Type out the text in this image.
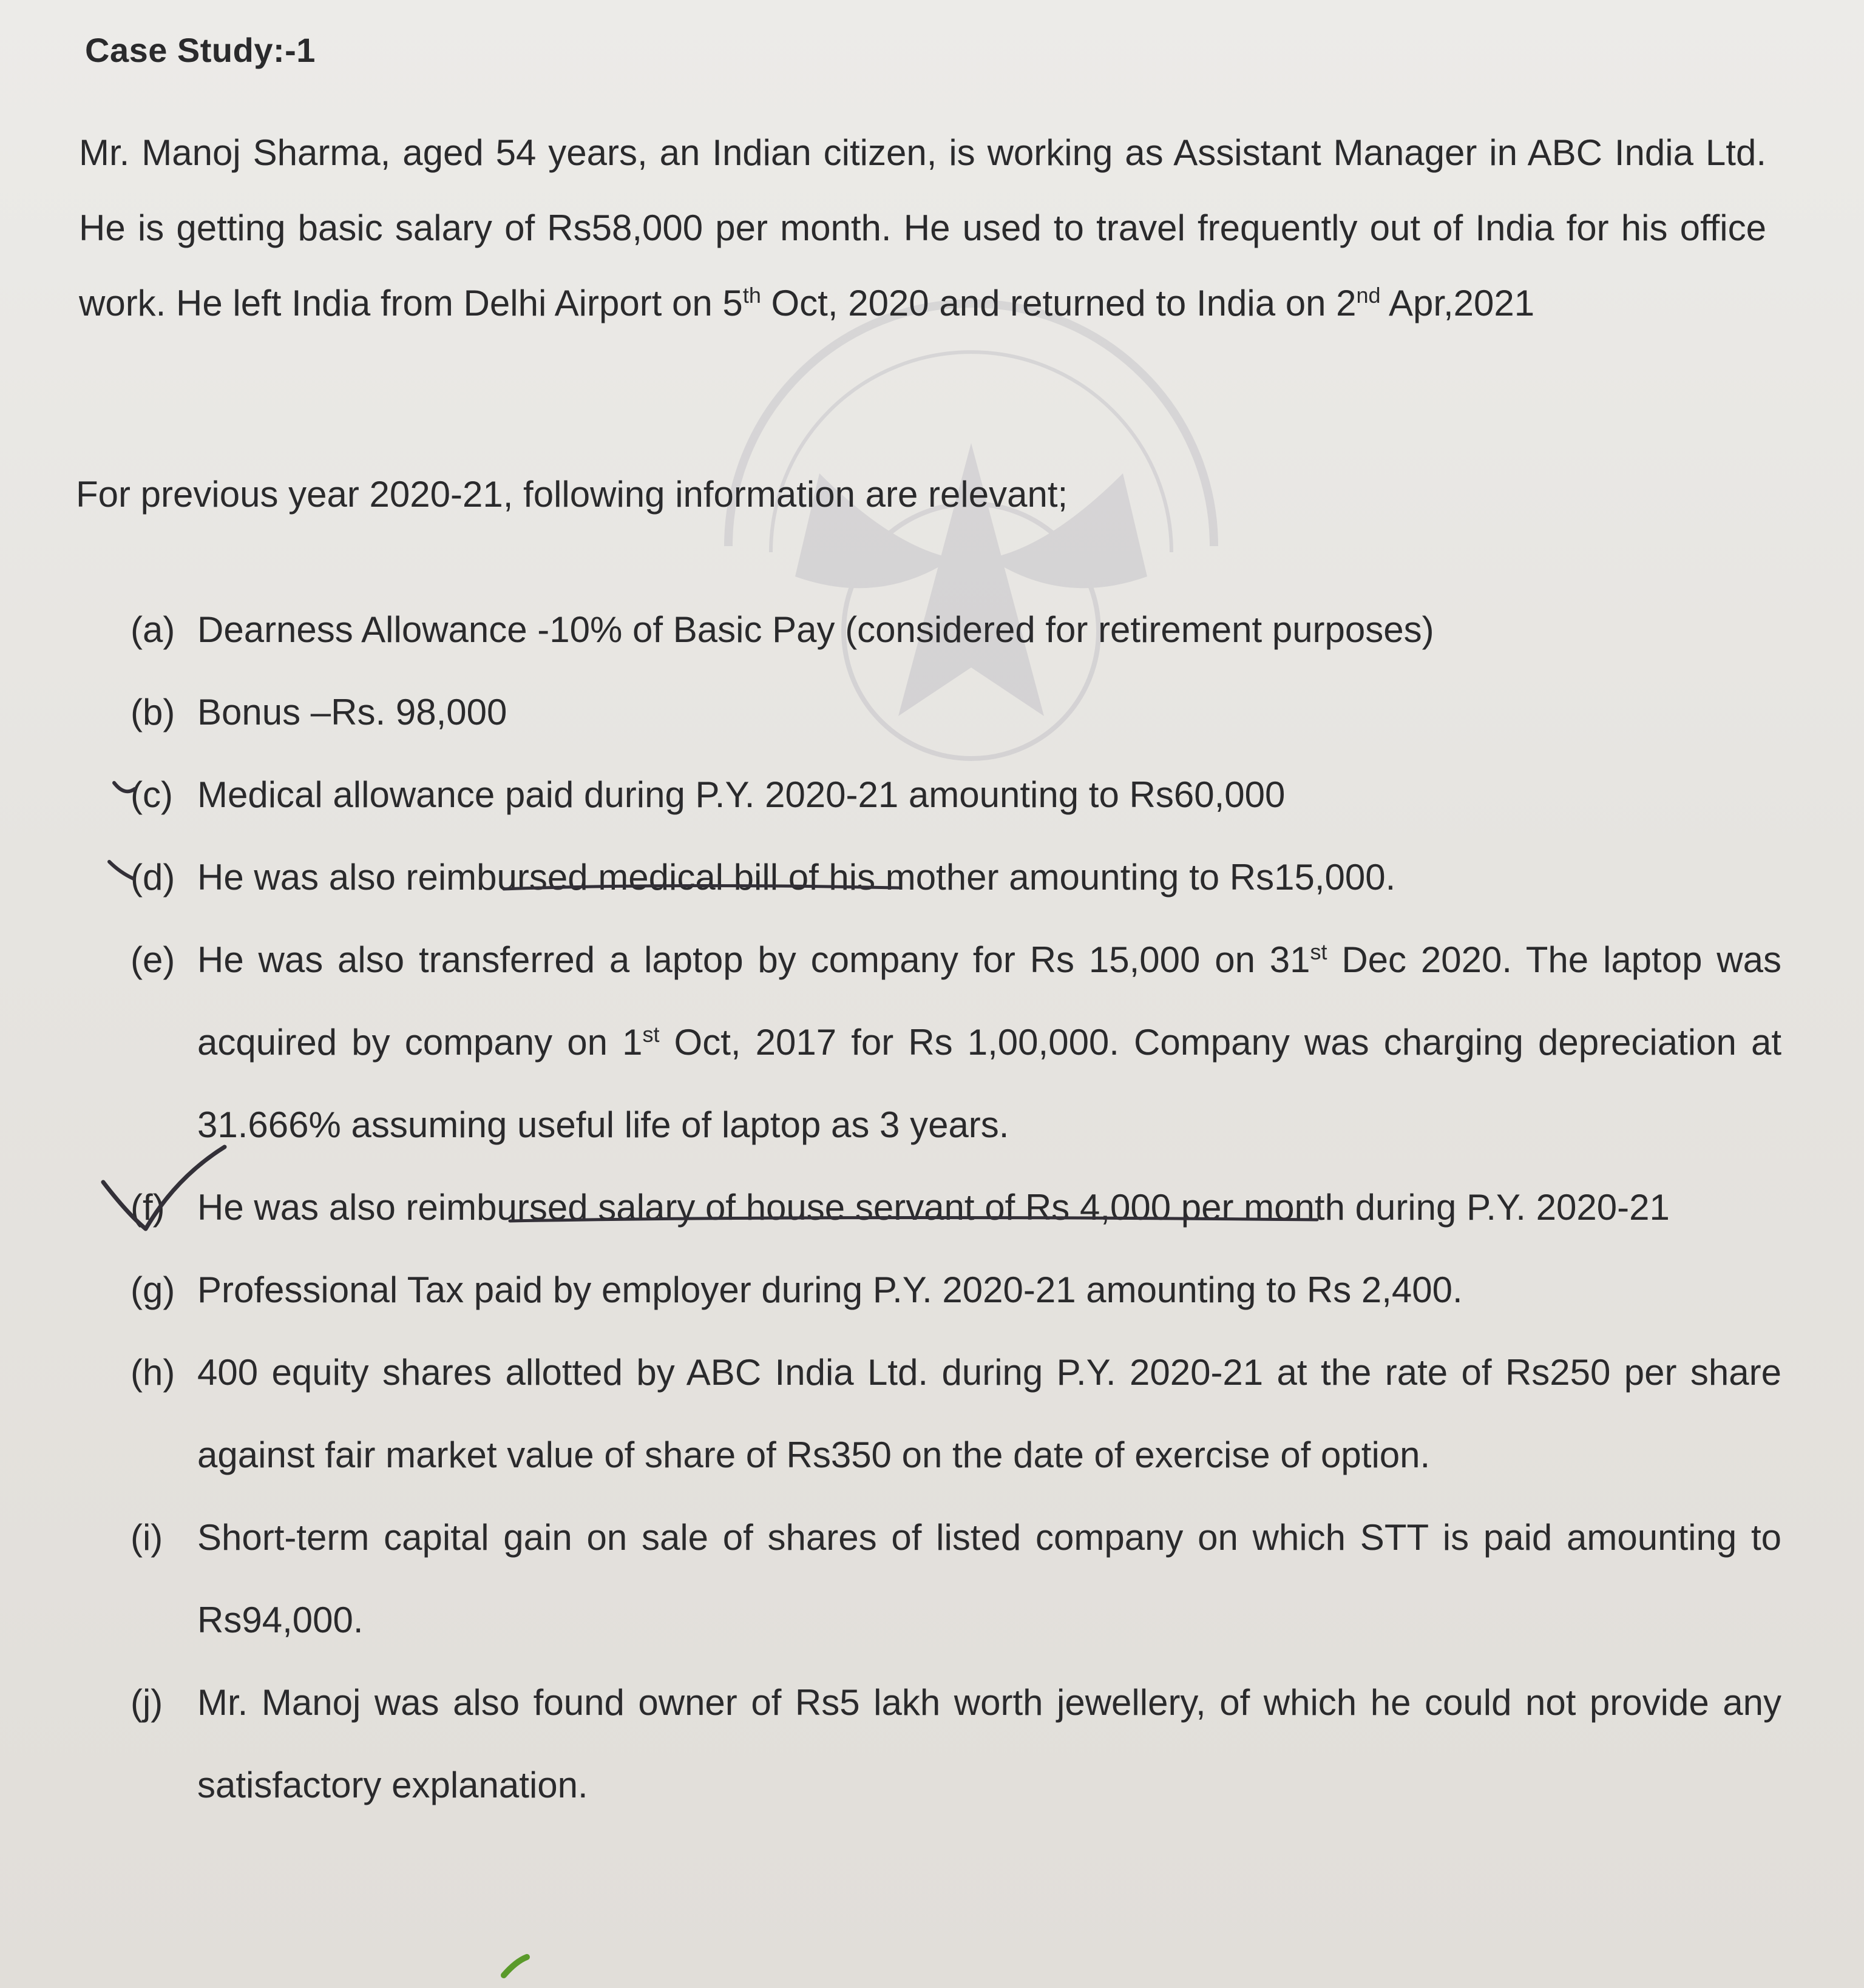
Case Study:-1

Mr. Manoj Sharma, aged 54 years, an Indian citizen, is working as Assistant Manager in ABC India Ltd. He is getting basic salary of Rs58,000 per month. He used to travel frequently out of India for his office work. He left India from Delhi Airport on 5th Oct, 2020 and returned to India on 2nd Apr,2021

For previous year 2020-21, following information are relevant;

(a) Dearness Allowance -10% of Basic Pay (considered for retirement purposes)
(b) Bonus –Rs. 98,000
(c) Medical allowance paid during P.Y. 2020-21 amounting to Rs60,000
(d) He was also reimbursed medical bill of his mother amounting to Rs15,000.
(e) He was also transferred a laptop by company for Rs 15,000 on 31st Dec 2020. The laptop was acquired by company on 1st Oct, 2017 for Rs 1,00,000. Company was charging depreciation at 31.666% assuming useful life of laptop as 3 years.
(f) He was also reimbursed salary of house servant of Rs 4,000 per month during P.Y. 2020-21
(g) Professional Tax paid by employer during P.Y. 2020-21 amounting to Rs 2,400.
(h) 400 equity shares allotted by ABC India Ltd. during P.Y. 2020-21 at the rate of Rs250 per share against fair market value of share of Rs350 on the date of exercise of option.
(i) Short-term capital gain on sale of shares of listed company on which STT is paid amounting to Rs94,000.
(j) Mr. Manoj was also found owner of Rs5 lakh worth jewellery, of which he could not provide any satisfactory explanation.
